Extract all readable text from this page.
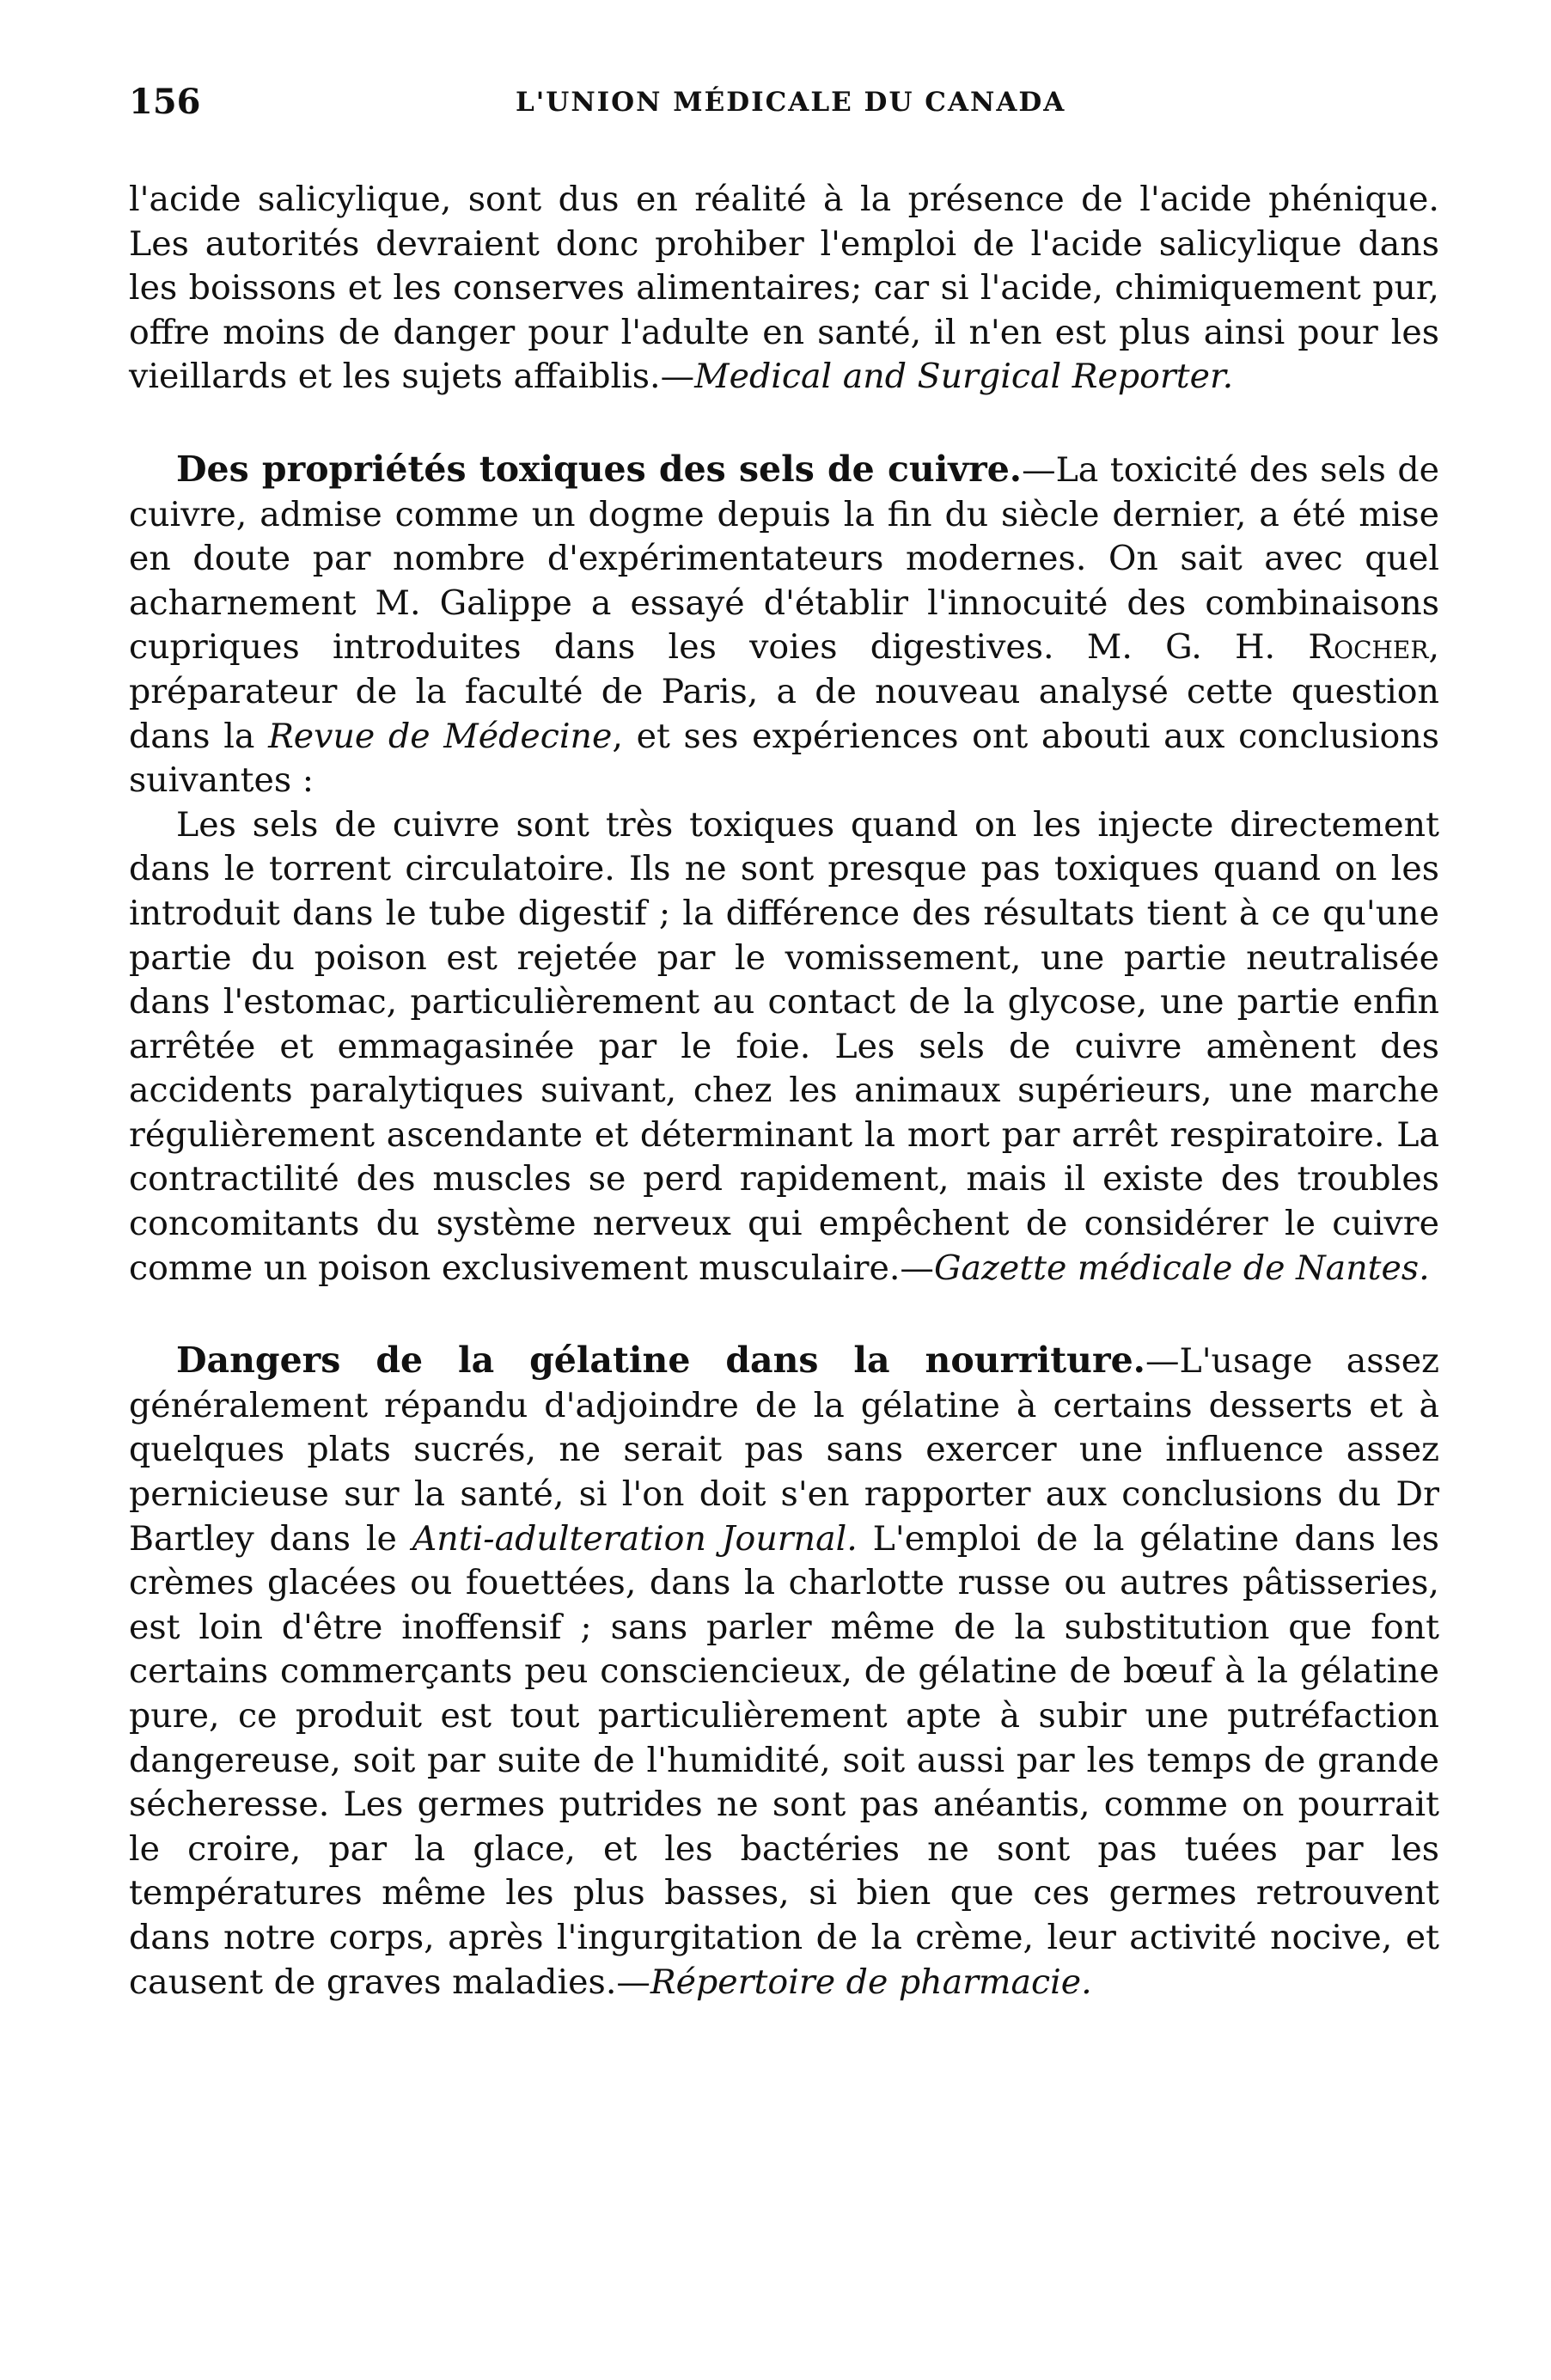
156	L'UNION MÉDICALE DU CANADA

l'acide salicylique, sont dus en réalité à la présence de l'acide phénique. Les autorités devraient donc prohiber l'emploi de l'acide salicylique dans les boissons et les conserves alimentaires; car si l'acide, chimiquement pur, offre moins de danger pour l'adulte en santé, il n'en est plus ainsi pour les vieillards et les sujets affaiblis.—Medical and Surgical Reporter.

Des propriétés toxiques des sels de cuivre.—La toxicité des sels de cuivre, admise comme un dogme depuis la fin du siècle dernier, a été mise en doute par nombre d'expérimentateurs modernes. On sait avec quel acharnement M. Galippe a essayé d'établir l'innocuité des combinaisons cupriques introduites dans les voies digestives. M. G. H. Rocher, préparateur de la faculté de Paris, a de nouveau analysé cette question dans la Revue de Médecine, et ses expériences ont abouti aux conclusions suivantes :

Les sels de cuivre sont très toxiques quand on les injecte directement dans le torrent circulatoire. Ils ne sont presque pas toxiques quand on les introduit dans le tube digestif ; la différence des résultats tient à ce qu'une partie du poison est rejetée par le vomissement, une partie neutralisée dans l'estomac, particulièrement au contact de la glycose, une partie enfin arrêtée et emmagasinée par le foie. Les sels de cuivre amènent des accidents paralytiques suivant, chez les animaux supérieurs, une marche régulièrement ascendante et déterminant la mort par arrêt respiratoire. La contractilité des muscles se perd rapidement, mais il existe des troubles concomitants du système nerveux qui empêchent de considérer le cuivre comme un poison exclusivement musculaire.—Gazette médicale de Nantes.

Dangers de la gélatine dans la nourriture.—L'usage assez généralement répandu d'adjoindre de la gélatine à certains desserts et à quelques plats sucrés, ne serait pas sans exercer une influence assez pernicieuse sur la santé, si l'on doit s'en rapporter aux conclusions du Dr Bartley dans le Anti-adulteration Journal. L'emploi de la gélatine dans les crèmes glacées ou fouettées, dans la charlotte russe ou autres pâtisseries, est loin d'être inoffensif ; sans parler même de la substitution que font certains commerçants peu consciencieux, de gélatine de bœuf à la gélatine pure, ce produit est tout particulièrement apte à subir une putréfaction dangereuse, soit par suite de l'humidité, soit aussi par les temps de grande sécheresse. Les germes putrides ne sont pas anéantis, comme on pourrait le croire, par la glace, et les bactéries ne sont pas tuées par les températures même les plus basses, si bien que ces germes retrouvent dans notre corps, après l'ingurgitation de la crème, leur activité nocive, et causent de graves maladies.—Répertoire de pharmacie.
